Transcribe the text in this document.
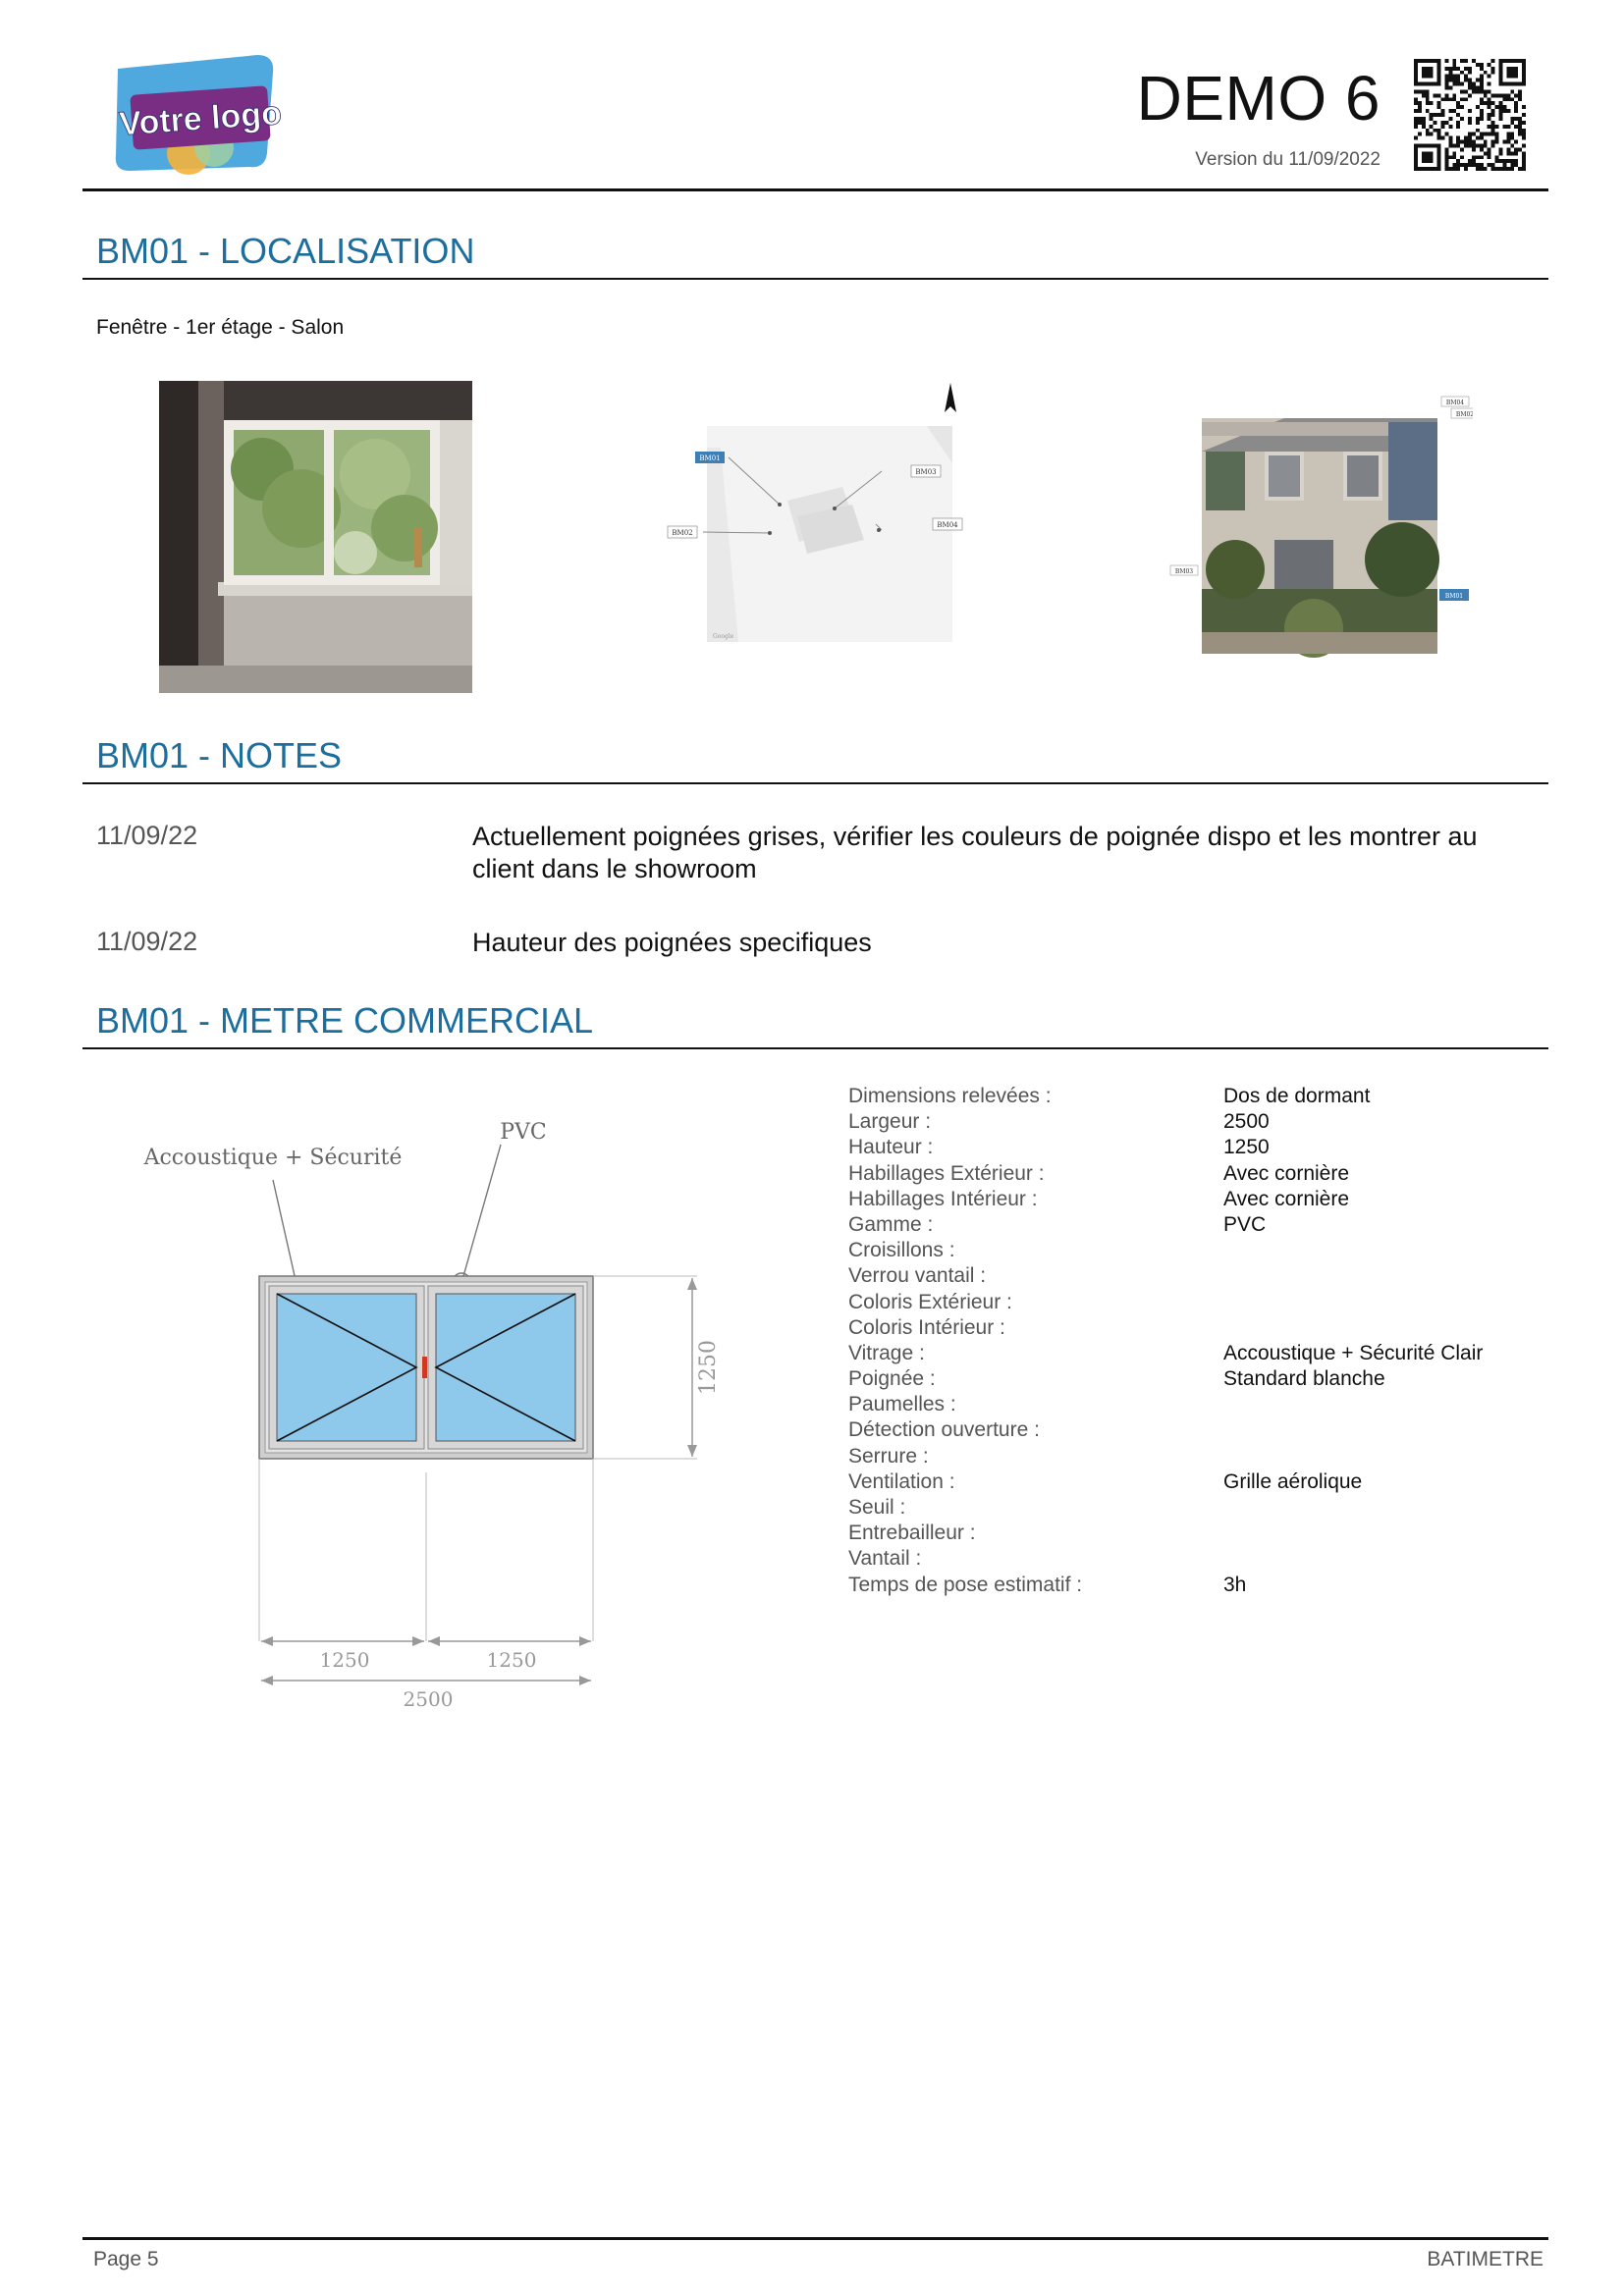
Votre logo	DEMO 6
Version du 11/09/2022
BM01 - LOCALISATION
Fenêtre - 1er étage - Salon
BM01
BM02
BM03
BM04
Google
BM04
BM02
BM03
BM01
BM01 - NOTES
11/09/22	Actuellement poignées grises, vérifier les couleurs de poignée dispo et les montrer au client dans le showroom
11/09/22	Hauteur des poignées specifiques
BM01 - METRE COMMERCIAL
Accoustique + Sécurité
PVC
1250
1250	1250
2500
Dimensions relevées :	Dos de dormant
Largeur :	2500
Hauteur :	1250
Habillages Extérieur :	Avec cornière
Habillages Intérieur :	Avec cornière
Gamme :	PVC
Croisillons :
Verrou vantail :
Coloris Extérieur :
Coloris Intérieur :
Vitrage :	Accoustique + Sécurité Clair
Poignée :	Standard blanche
Paumelles :
Détection ouverture :
Serrure :
Ventilation :	Grille aérolique
Seuil :
Entrebailleur :
Vantail :
Temps de pose estimatif :	3h
Page 5	BATIMETRE
